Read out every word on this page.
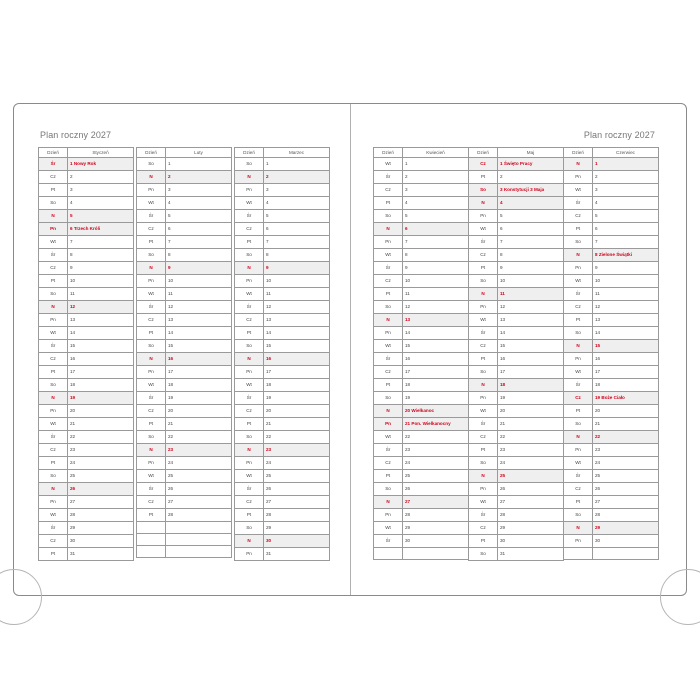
Plan roczny 2027	Plan roczny 2027
Dzień	Styczeń
Śr	1 Nowy Rok
Cz	2
Pt	3
So	4
N	5
Pn	6 Trzech Króli
Wt	7
Śr	8
Cz	9
Pt	10
So	11
N	12
Pn	13
Wt	14
Śr	15
Cz	16
Pt	17
So	18
N	19
Pn	20
Wt	21
Śr	22
Cz	23
Pt	24
So	25
N	26
Pn	27
Wt	28
Śr	29
Cz	30
Pt	31
Dzień	Luty
So	1
N	2
Pn	3
Wt	4
Śr	5
Cz	6
Pt	7
So	8
N	9
Pn	10
Wt	11
Śr	12
Cz	13
Pt	14
So	15
N	16
Pn	17
Wt	18
Śr	19
Cz	20
Pt	21
So	22
N	23
Pn	24
Wt	25
Śr	26
Cz	27
Pt	28

Dzień	Marzec
So	1
N	2
Pn	3
Wt	4
Śr	5
Cz	6
Pt	7
So	8
N	9
Pn	10
Wt	11
Śr	12
Cz	13
Pt	14
So	15
N	16
Pn	17
Wt	18
Śr	19
Cz	20
Pt	21
So	22
N	23
Pn	24
Wt	25
Śr	26
Cz	27
Pt	28
So	29
N	30
Pn	31
Dzień	Kwiecień
Wt	1
Śr	2
Cz	3
Pt	4
So	5
N	6
Pn	7
Wt	8
Śr	9
Cz	10
Pt	11
So	12
N	13
Pn	14
Wt	15
Śr	16
Cz	17
Pt	18
So	19
N	20 Wielkanoc
Pn	21 Pon. Wielkanocny
Wt	22
Śr	23
Cz	24
Pt	25
So	26
N	27
Pn	28
Wt	29
Śr	30

Dzień	Maj
Cz	1 Święto Pracy
Pt	2
So	3 Konstytucji 3 Maja
N	4
Pn	5
Wt	6
Śr	7
Cz	8
Pt	9
So	10
N	11
Pn	12
Wt	13
Śr	14
Cz	15
Pt	16
So	17
N	18
Pn	19
Wt	20
Śr	21
Cz	22
Pt	23
So	24
N	25
Pn	26
Wt	27
Śr	28
Cz	29
Pt	30
So	31
Dzień	Czerwiec
N	1
Pn	2
Wt	3
Śr	4
Cz	5
Pt	6
So	7
N	8 Zielone Świątki
Pn	9
Wt	10
Śr	11
Cz	12
Pt	13
So	14
N	15
Pn	16
Wt	17
Śr	18
Cz	19 Boże Ciało
Pt	20
So	21
N	22
Pn	23
Wt	24
Śr	25
Cz	26
Pt	27
So	28
N	29
Pn	30
